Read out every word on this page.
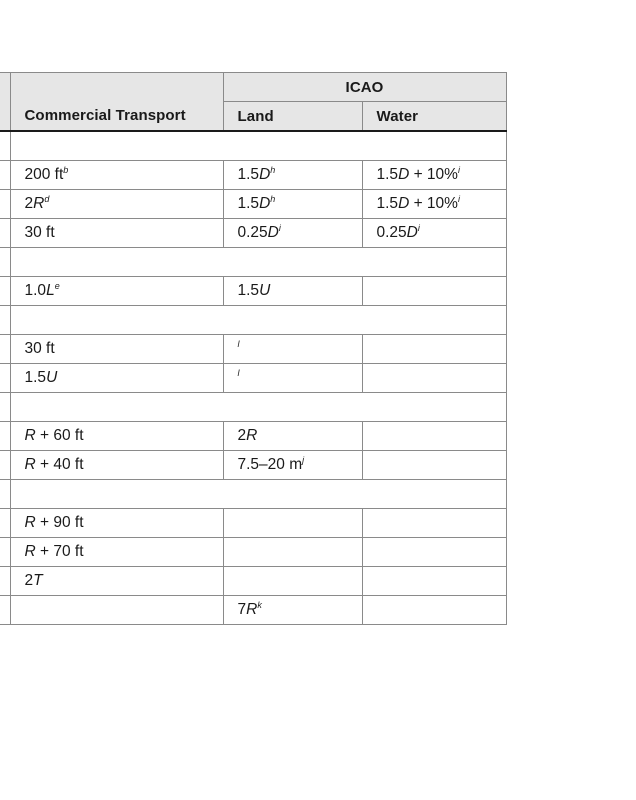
		ICAO	
	Commercial Transport	Land	Water

	200 $ft^b$	$1.5D^h$	1.5D + 10%$^i$
	$2R^d$	$1.5D^h$	1.5D + 10%$^i$
	30 ft	$0.25D^i$	$0.25D^i$

	1.0Le	1.5U	

	30 ft	$^l$	
	1.5U	$^l$	

	R + 60 ft	2R	
	R + 40 ft	7.5–20 $m^j$	

	R + 90 ft		
	R + 70 ft		
	2T		
		$7R^k$	
